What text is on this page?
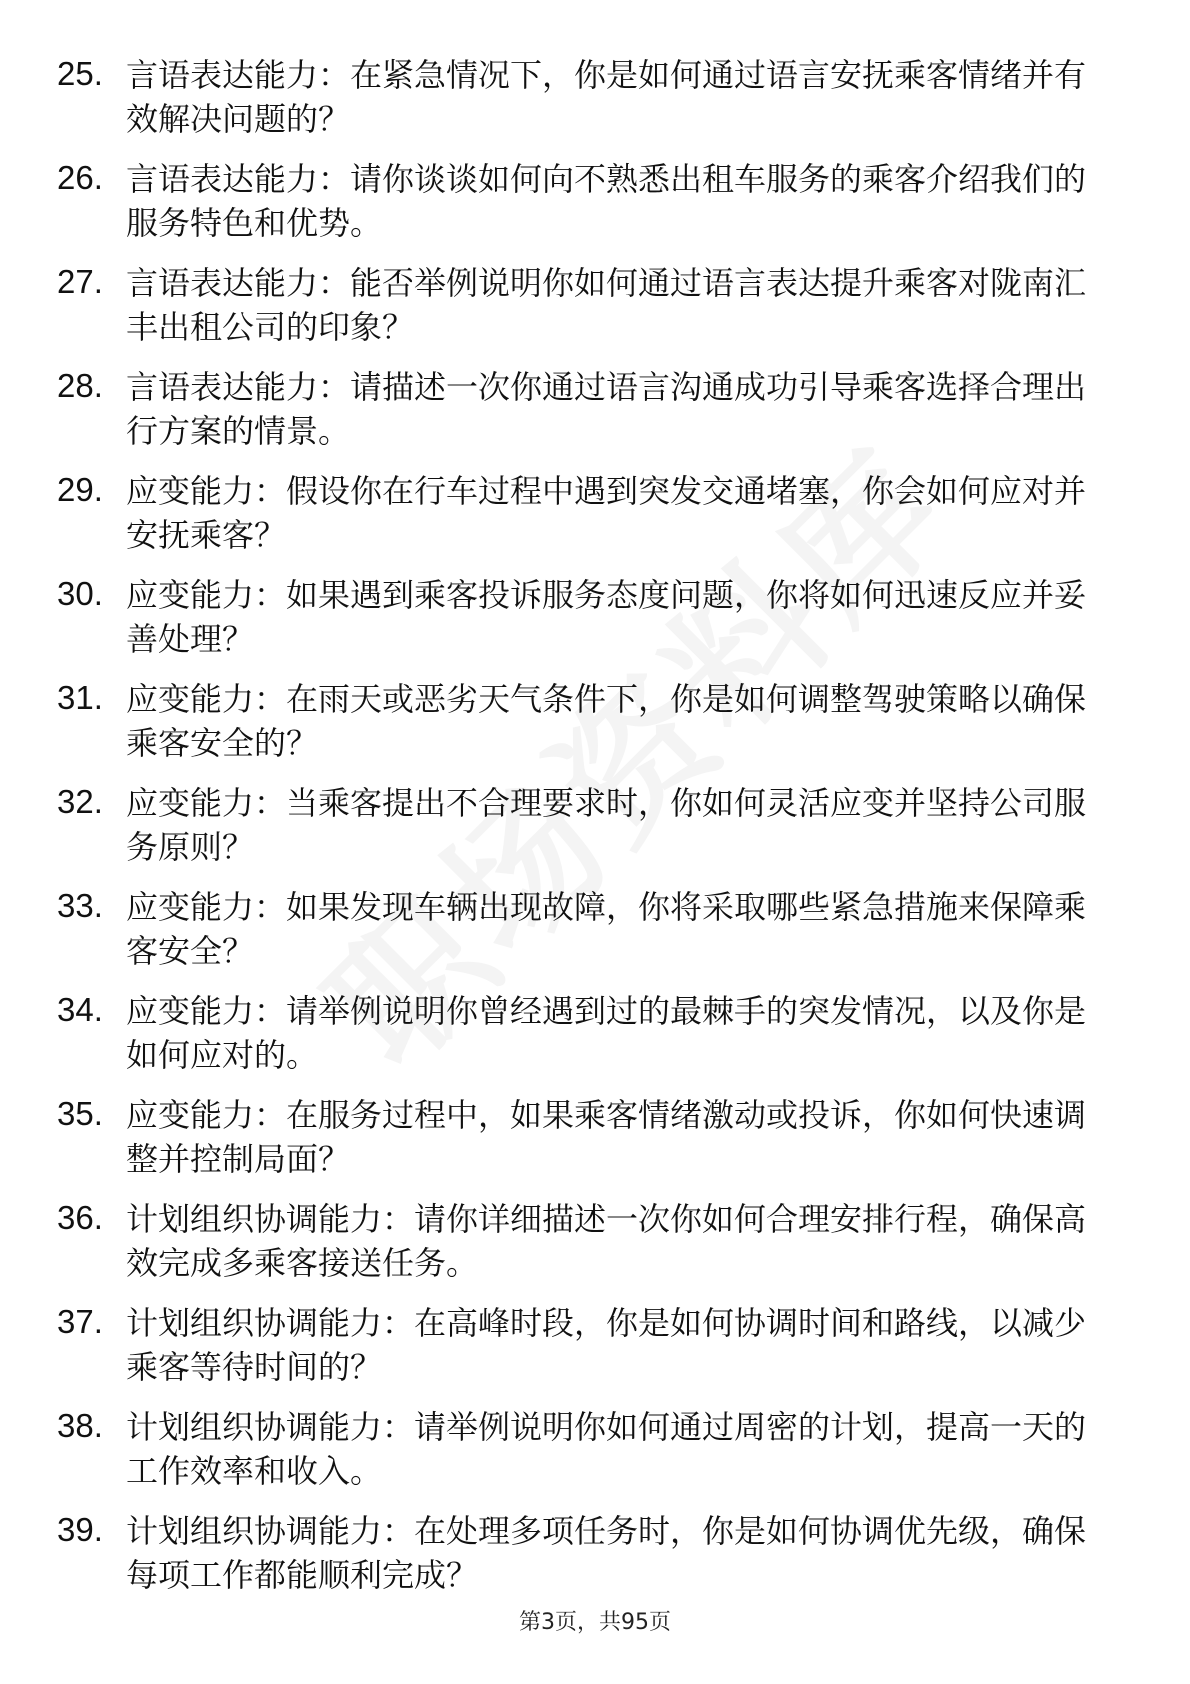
25. 言语表达能力：在紧急情况下，你是如何通过语言安抚乘客情绪并有效解决问题的？
26. 言语表达能力：请你谈谈如何向不熟悉出租车服务的乘客介绍我们的服务特色和优势。
27. 言语表达能力：能否举例说明你如何通过语言表达提升乘客对陇南汇丰出租公司的印象？
28. 言语表达能力：请描述一次你通过语言沟通成功引导乘客选择合理出行方案的情景。
29. 应变能力：假设你在行车过程中遇到突发交通堵塞，你会如何应对并安抚乘客？
30. 应变能力：如果遇到乘客投诉服务态度问题，你将如何迅速反应并妥善处理？
31. 应变能力：在雨天或恶劣天气条件下，你是如何调整驾驶策略以确保乘客安全的？
32. 应变能力：当乘客提出不合理要求时，你如何灵活应变并坚持公司服务原则？
33. 应变能力：如果发现车辆出现故障，你将采取哪些紧急措施来保障乘客安全？
34. 应变能力：请举例说明你曾经遇到过的最棘手的突发情况，以及你是如何应对的。
35. 应变能力：在服务过程中，如果乘客情绪激动或投诉，你如何快速调整并控制局面？
36. 计划组织协调能力：请你详细描述一次你如何合理安排行程，确保高效完成多乘客接送任务。
37. 计划组织协调能力：在高峰时段，你是如何协调时间和路线，以减少乘客等待时间的？
38. 计划组织协调能力：请举例说明你如何通过周密的计划，提高一天的工作效率和收入。
39. 计划组织协调能力：在处理多项任务时，你是如何协调优先级，确保每项工作都能顺利完成？
第3页，共95页
